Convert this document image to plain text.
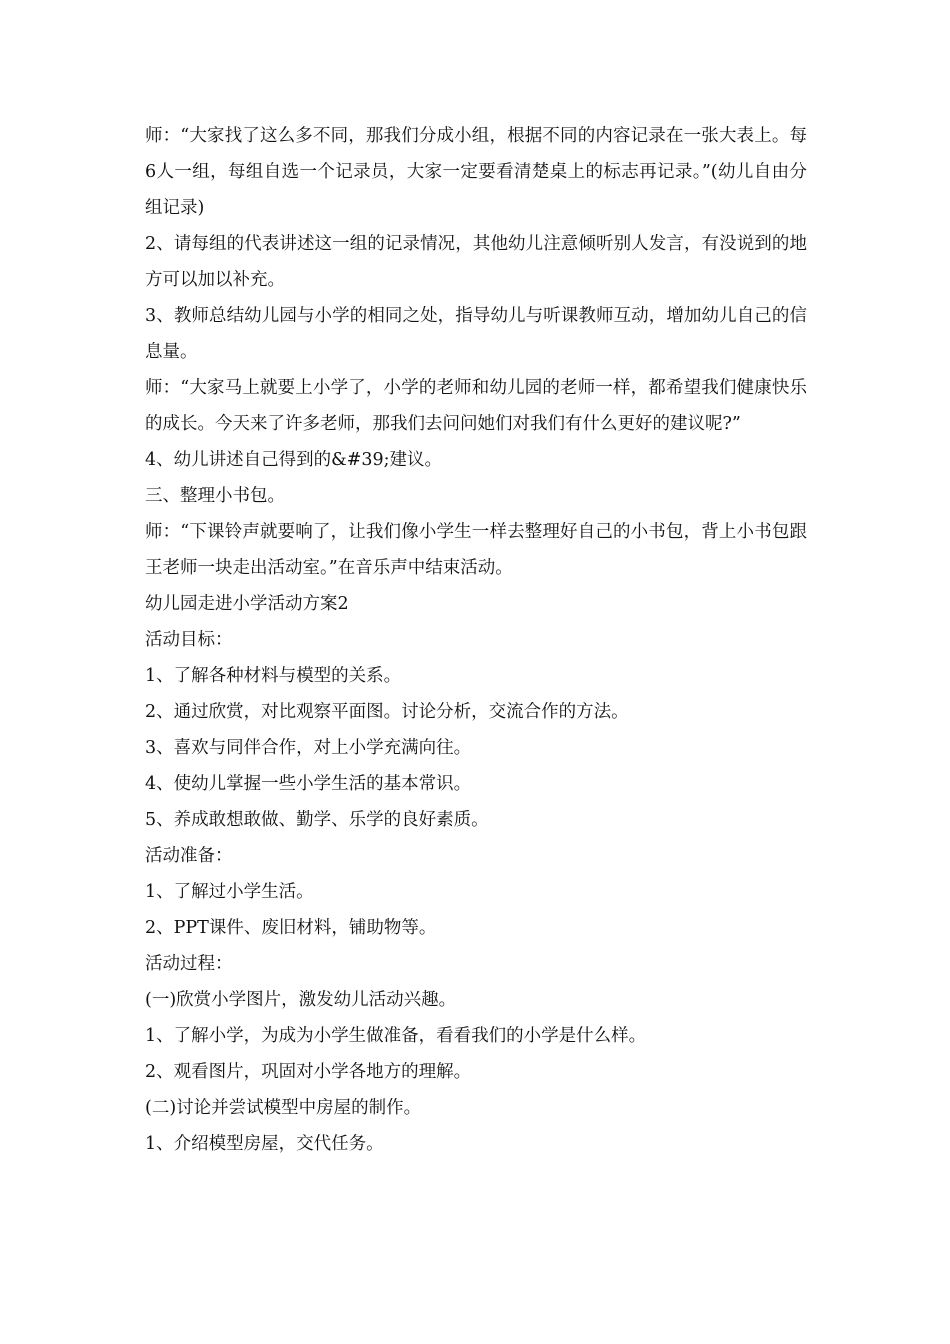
师：“大家找了这么多不同，那我们分成小组，根据不同的内容记录在一张大表上。每6人一组，每组自选一个记录员，大家一定要看清楚桌上的标志再记录。”(幼儿自由分组记录)

2、请每组的代表讲述这一组的记录情况，其他幼儿注意倾听别人发言，有没说到的地方可以加以补充。

3、教师总结幼儿园与小学的相同之处，指导幼儿与听课教师互动，增加幼儿自己的信息量。

师：“大家马上就要上小学了，小学的老师和幼儿园的老师一样，都希望我们健康快乐的成长。今天来了许多老师，那我们去问问她们对我们有什么更好的建议呢?”

4、幼儿讲述自己得到的&#39;建议。

三、整理小书包。

师：“下课铃声就要响了，让我们像小学生一样去整理好自己的小书包，背上小书包跟王老师一块走出活动室。”在音乐声中结束活动。

幼儿园走进小学活动方案2

活动目标：

1、了解各种材料与模型的关系。

2、通过欣赏，对比观察平面图。讨论分析，交流合作的方法。

3、喜欢与同伴合作，对上小学充满向往。

4、使幼儿掌握一些小学生活的基本常识。

5、养成敢想敢做、勤学、乐学的良好素质。

活动准备：

1、了解过小学生活。

2、PPT课件、废旧材料，铺助物等。

活动过程：

(一)欣赏小学图片，激发幼儿活动兴趣。

1、了解小学，为成为小学生做准备，看看我们的小学是什么样。

2、观看图片，巩固对小学各地方的理解。

(二)讨论并尝试模型中房屋的制作。

1、介绍模型房屋，交代任务。
